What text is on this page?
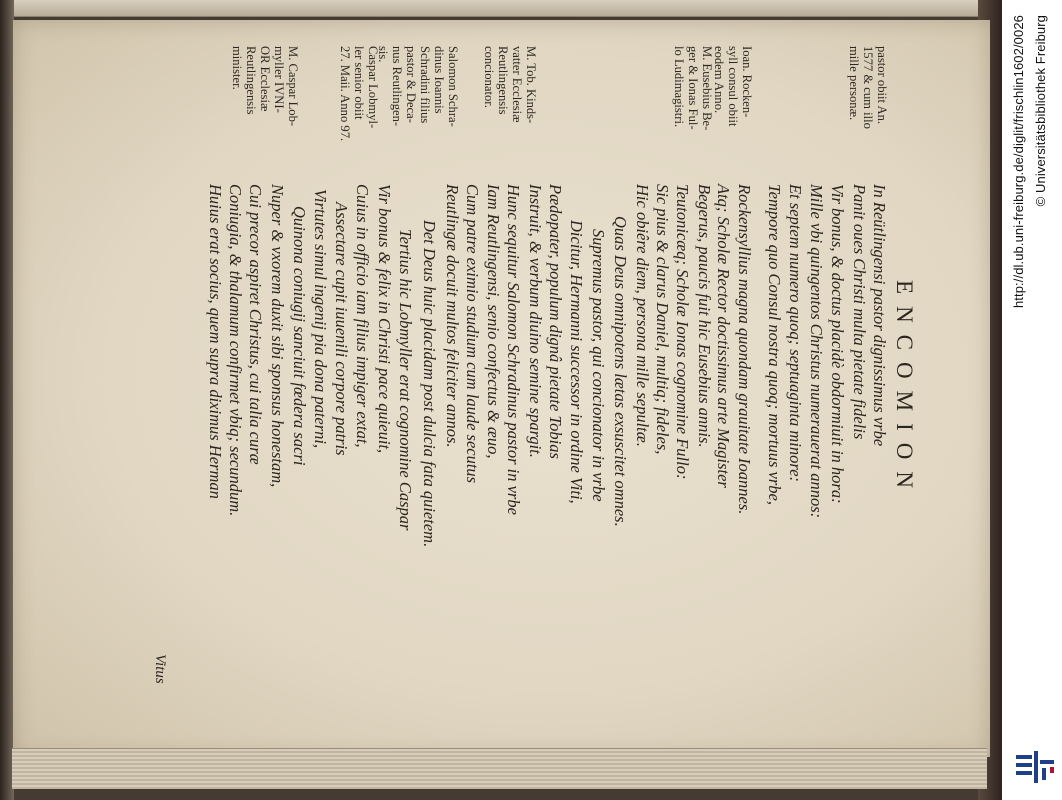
ENCOMION
In Reütlingensi pastor dignissimus vrbe
Panit oues Christi multa pietate fidelis
Vir bonus, & doctus placidè obdormiuit in hora:
Mille vbi quingentos Christus numerauerat annos:
Et septem numero quoq; septuaginta minore:
Tempore quo Consul nostra quoq; mortuus vrbe,
Rockensyllius magna quondam grauitate Ioannes.
Atq; Scholæ Rector doctissimus arte Magister
Begerus, paucis fuit hic Eusebius annis.
Teutonicæq; Scholæ Ionas cognomine Fullo:
Sic pius & clarus Daniel, multiq; fideles,
Hic obiêre diem, persona mille sepultæ.
Quas Deus omnipotens lætas exsuscitet omnes.
Supremus pastor, qui concionator in vrbe
Dicitur, Hermanni successor in ordine Viti,
Pædopater, populum dignâ pietate Tobias
Instruit, & verbum diuino semine spargit.
Hunc sequitur Salomon Schradinus pastor in vrbe
Iam Reutlingensi, senio confectus & æuo,
Cum patre eximio studium cum laude secutus
Reutlingæ docuit multos feliciter annos.
Det Deus huic placidam post dulcia fata quietem.
Tertius hic Lobmyller erat cognomine Caspar
Vir bonus & felix in Christi pace quieuit,
Cuius in officio iam filius impiger extat,
Assectare cupit iuuenili corpore patris
Virtutes simul ingenij pia dona paterni,
Quinona coniugij sanciuit fœdera sacri
Nuper & vxorem duxit sibi sponsus honestam,
Cui precor aspiret Christus, cui talia curæ
Coniugia, & thalamum confirmet vbiq; secundum.
Huius erat socius, quem supra diximus Herman
pastor obiit An.
1577 & cum illo
mille personæ.
Ioan. Rocken-
syll consul obiit
eodem Anno.
M. Eusebius Be-
ger & Ionas Ful-
lo Ludimagistri.
M. Tob. Kinds-
vatter Ecclesiæ
Reutlingensis
concionator.
Salomon Schra-
dinus Ioannis
Schradini filius
pastor & Deca-
nus Reutlingen-
sis.
Caspar Lobmyl-
ler senior obiit
27. Maii. Anno 97.
M. Caspar Lob-
myller IVNI-
OR Ecclesiæ
Reutlingensis
minister.
Vitus
http://dl.ub.uni-freiburg.de/diglit/frischlin1602/0026 © Universitätsbibliothek Freiburg
